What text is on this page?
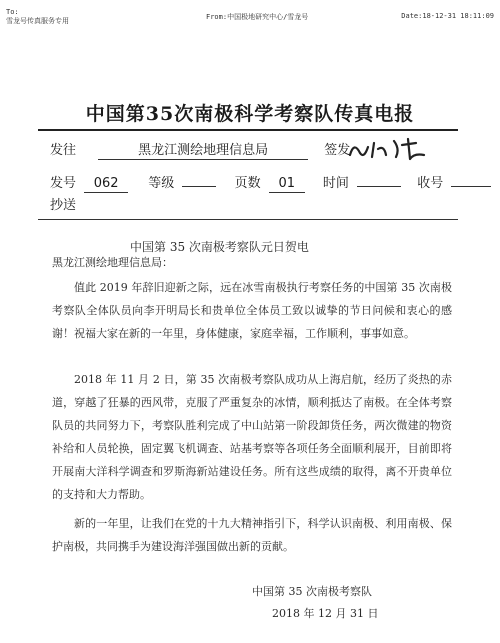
To:
雪龙号传真服务专用	From:中国极地研究中心/雪龙号	Date:18-12-31 18:11:09
中国第35次南极科学考察队传真电报
发往	黑龙江测绘地理信息局	签发
发号 062 等级	页数 01 时间	收号
抄送
中国第 35 次南极考察队元日贺电
黑龙江测绘地理信息局：
值此 2019 年辞旧迎新之际，远在冰雪南极执行考察任务的中国第 35 次南极考察队全体队员向李开明局长和贵单位全体员工致以诚挚的节日问候和衷心的感谢！祝福大家在新的一年里，身体健康，家庭幸福，工作顺利，事事如意。
2018 年 11 月 2 日，第 35 次南极考察队成功从上海启航，经历了炎热的赤道，穿越了狂暴的西风带，克服了严重复杂的冰情，顺利抵达了南极。在全体考察队员的共同努力下，考察队胜利完成了中山站第一阶段卸货任务，两次微建的物资补给和人员轮换，固定翼飞机调查、站基考察等各项任务全面顺利展开，目前即将开展南大洋科学调查和罗斯海新站建设任务。所有这些成绩的取得，离不开贵单位的支持和大力帮助。
新的一年里，让我们在党的十九大精神指引下，科学认识南极、利用南极、保护南极，共同携手为建设海洋强国做出新的贡献。
中国第 35 次南极考察队
2018 年 12 月 31 日
